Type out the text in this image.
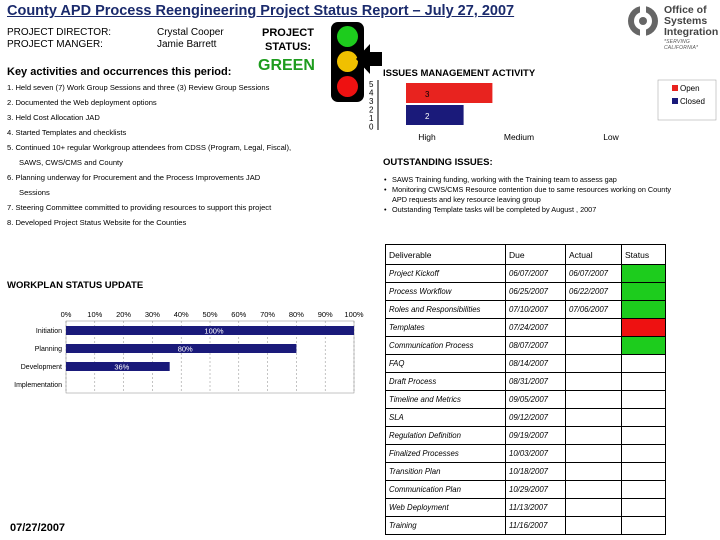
County APD Process Reengineering Project Status Report – July 27, 2007
PROJECT DIRECTOR:	Crystal Cooper
PROJECT MANGER:	Jamie Barrett
PROJECT
STATUS:
GREEN
Key activities and occurrences this period:
Office of
Systems
Integration
*SERVING CALIFORNIA*
1. Held seven (7) Work Group Sessions and three (3) Review Group Sessions
2. Documented the Web deployment options
3. Held Cost Allocation JAD
4. Started Templates and checklists
5. Continued 10+ regular Workgroup attendees from CDSS (Program, Legal, Fiscal),
SAWS, CWS/CMS and County
6. Planning underway for Procurement and the Process Improvements JAD
Sessions
7. Steering Committee committed to providing resources to support this project
8. Developed Project Status Website for the Counties
ISSUES MANAGEMENT ACTIVITY
5
4
3
2
1
0
High	Medium	Low
3
2
Open
Closed
OUTSTANDING ISSUES:
• SAWS Training funding, working with the Training team to assess gap
• Monitoring CWS/CMS Resource contention due to same resources working on County APD requests and key resource leaving group
• Outstanding Template tasks will be completed by August , 2007
WORKPLAN STATUS UPDATE
0% 10% 20% 30% 40% 50% 60% 70% 80% 90% 100%
Initiation
Planning
Development
Implementation
100%
80%
36%
07/27/2007
Deliverable	Due	Actual	Status
Project Kickoff	06/07/2007	06/07/2007	
Process Workflow	06/25/2007	06/22/2007	
Roles and Responsibilities	07/10/2007	07/06/2007	
Templates	07/24/2007		
Communication Process	08/07/2007		
FAQ	08/14/2007		
Draft Process	08/31/2007		
Timeline and Metrics	09/05/2007		
SLA	09/12/2007		
Regulation Definition	09/19/2007		
Finalized Processes	10/03/2007		
Transition Plan	10/18/2007		
Communication Plan	10/29/2007		
Web Deployment	11/13/2007		
Training	11/16/2007		
